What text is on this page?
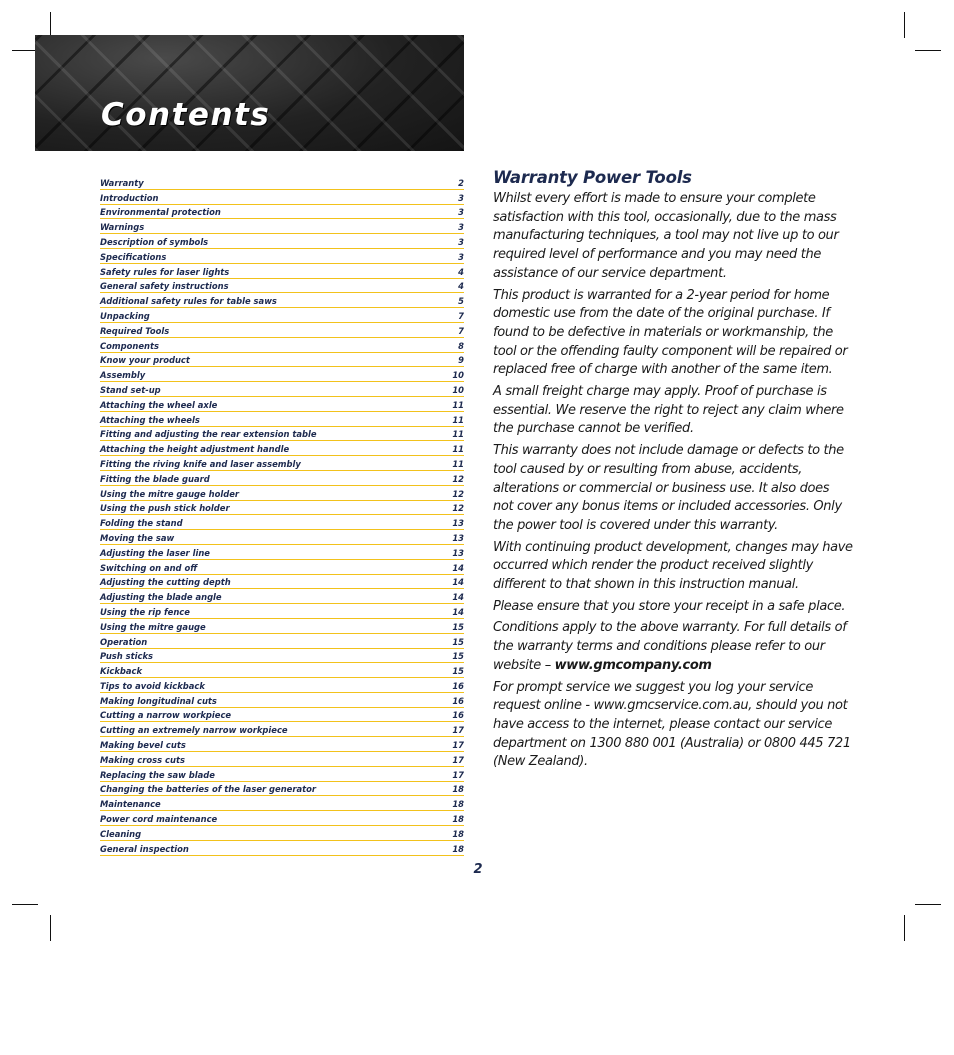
Contents
Warranty	2
Introduction	3
Environmental protection	3
Warnings	3
Description of symbols	3
Specifications	3
Safety rules for laser lights	4
General safety instructions	4
Additional safety rules for table saws	5
Unpacking	7
Required Tools	7
Components	8
Know your product	9
Assembly	10
Stand set-up	10
Attaching the wheel axle	11
Attaching the wheels	11
Fitting and adjusting the rear extension table	11
Attaching the height adjustment handle	11
Fitting the riving knife and laser assembly	11
Fitting the blade guard	12
Using the mitre gauge holder	12
Using the push stick holder	12
Folding the stand	13
Moving the saw	13
Adjusting the laser line	13
Switching on and off	14
Adjusting the cutting depth	14
Adjusting the blade angle	14
Using the rip fence	14
Using the mitre gauge	15
Operation	15
Push sticks	15
Kickback	15
Tips to avoid kickback	16
Making longitudinal cuts	16
Cutting a narrow workpiece	16
Cutting an extremely narrow workpiece	17
Making bevel cuts	17
Making cross cuts	17
Replacing the saw blade	17
Changing the batteries of the laser generator	18
Maintenance	18
Power cord maintenance	18
Cleaning	18
General inspection	18
2
Warranty Power Tools

Whilst every effort is made to ensure your complete satisfaction with this tool, occasionally, due to the mass manufacturing techniques, a tool may not live up to our required level of performance and you may need the assistance of our service department.

This product is warranted for a 2-year period for home domestic use from the date of the original purchase. If found to be defective in materials or workmanship, the tool or the offending faulty component will be repaired or replaced free of charge with another of the same item.

A small freight charge may apply. Proof of purchase is essential. We reserve the right to reject any claim where the purchase cannot be verified.

This warranty does not include damage or defects to the tool caused by or resulting from abuse, accidents, alterations or commercial or business use. It also does not cover any bonus items or included accessories. Only the power tool is covered under this warranty.

With continuing product development, changes may have occurred which render the product received slightly different to that shown in this instruction manual.

Please ensure that you store your receipt in a safe place.

Conditions apply to the above warranty. For full details of the warranty terms and conditions please refer to our website – www.gmcompany.com

For prompt service we suggest you log your service request online - www.gmcservice.com.au, should you not have access to the internet, please contact our service department on 1300 880 001 (Australia) or 0800 445 721 (New Zealand).
